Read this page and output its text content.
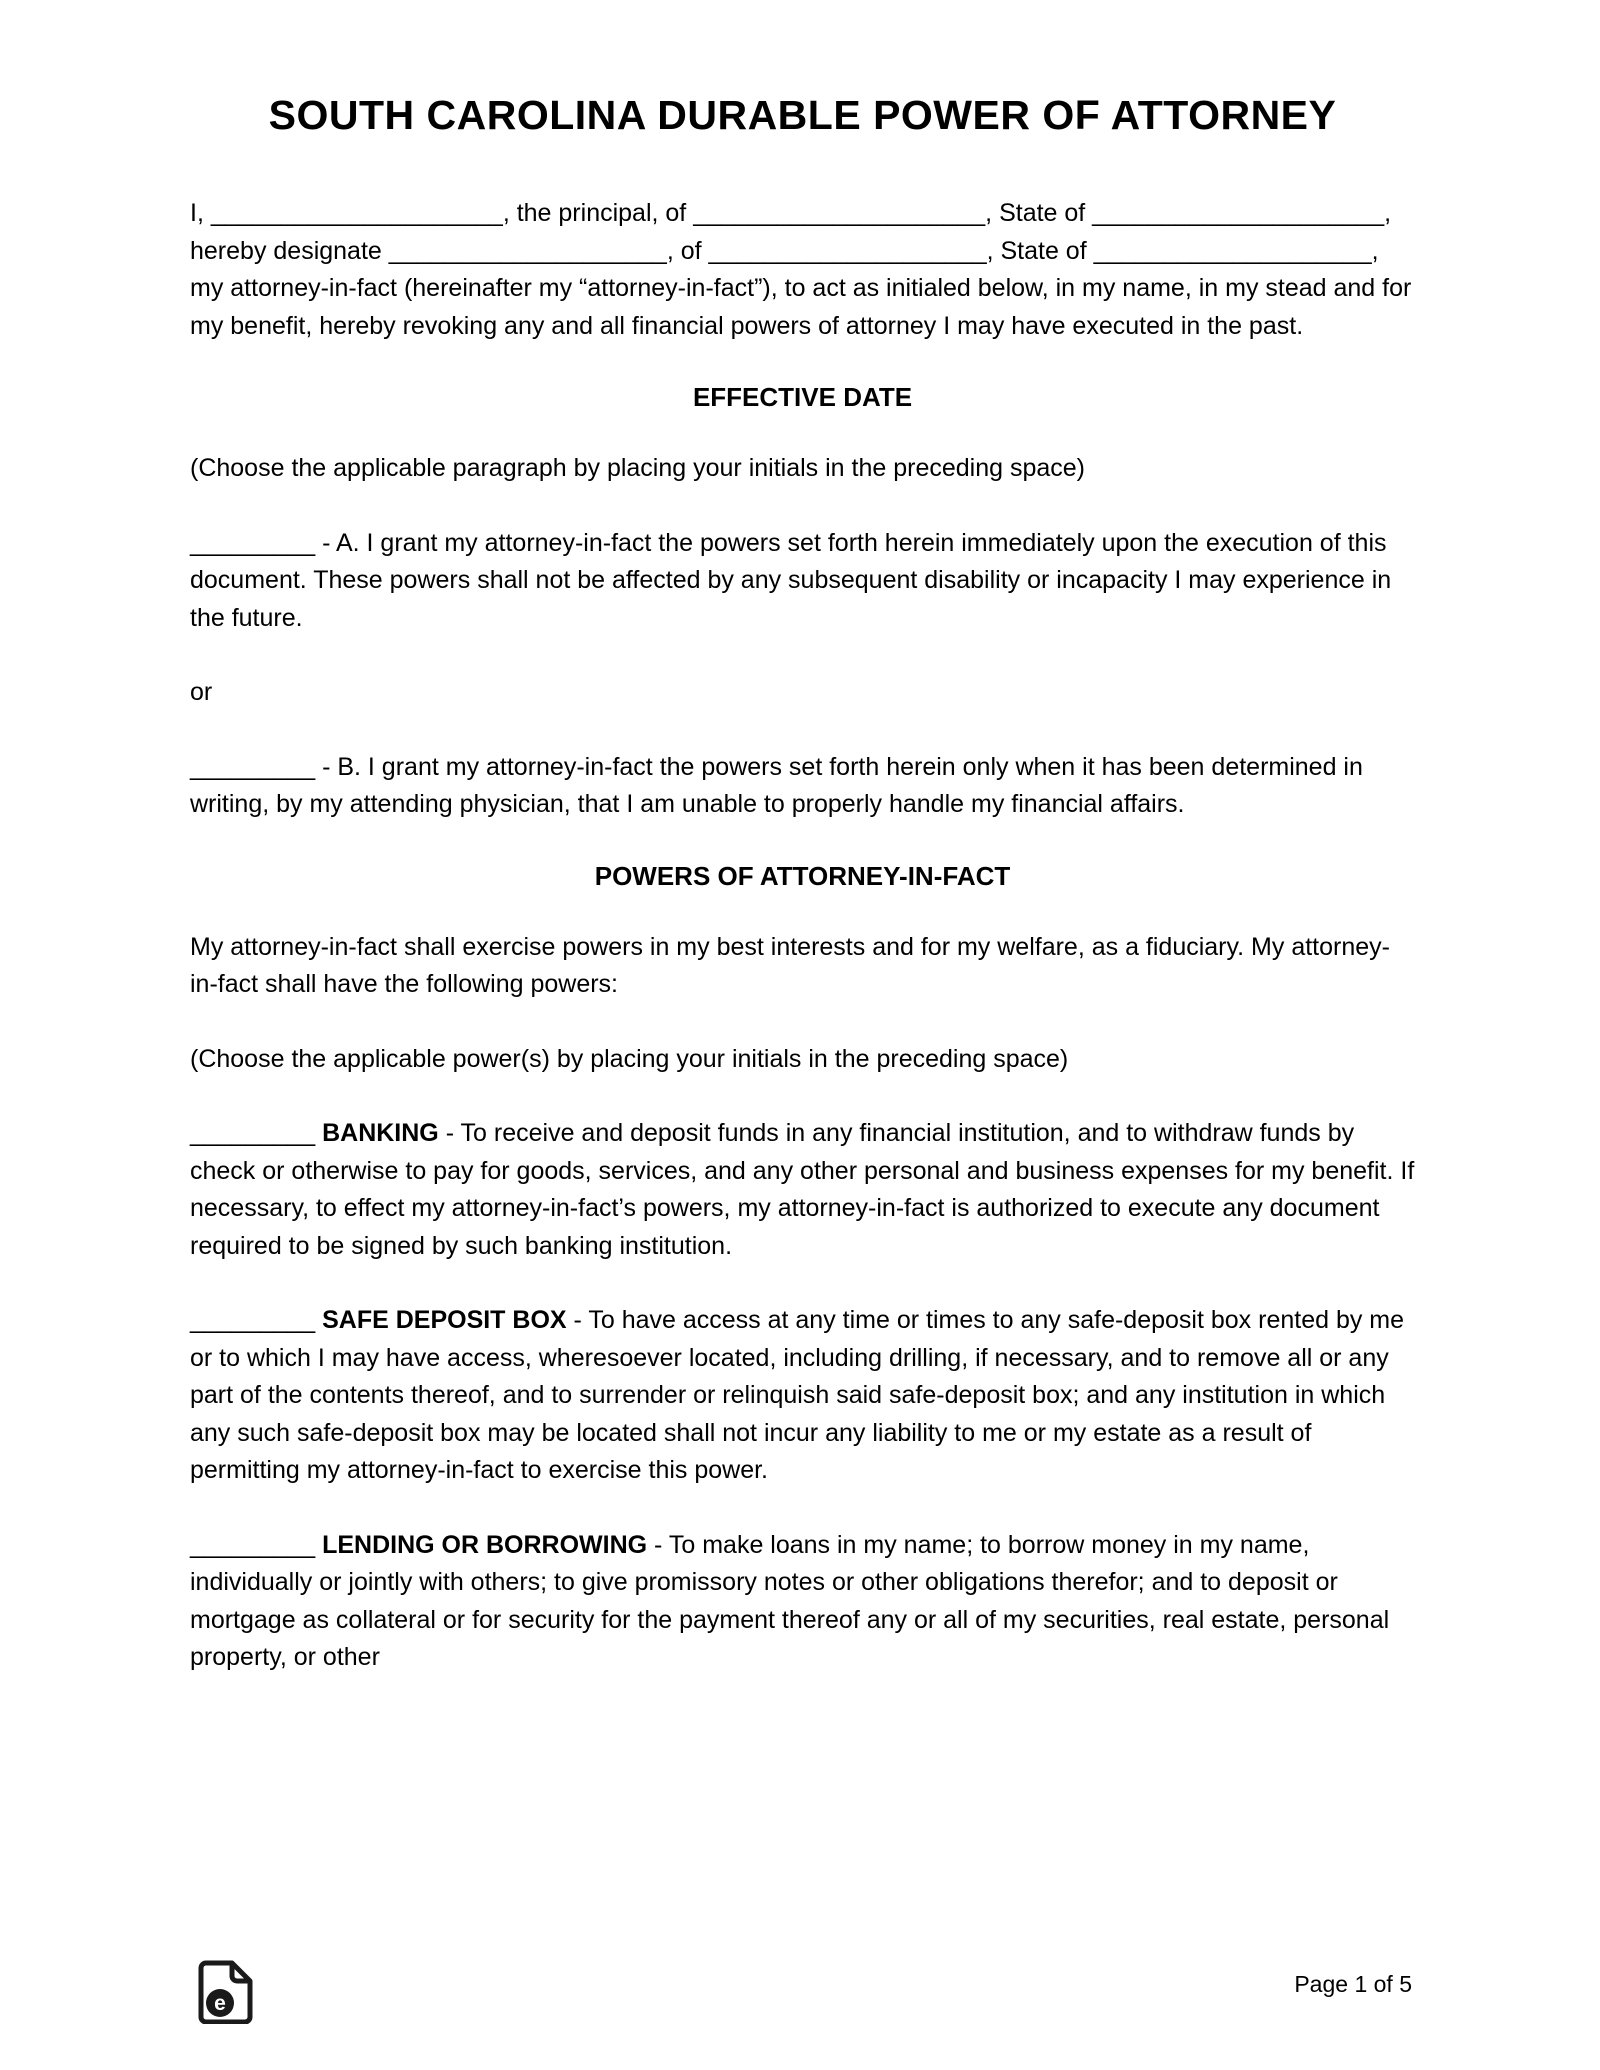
SOUTH CAROLINA DURABLE POWER OF ATTORNEY

I, _____________________, the principal, of _____________________, State of _____________________, hereby designate ____________________, of ____________________, State of ____________________, my attorney-in-fact (hereinafter my “attorney-in-fact”), to act as initialed below, in my name, in my stead and for my benefit, hereby revoking any and all financial powers of attorney I may have executed in the past.

EFFECTIVE DATE

(Choose the applicable paragraph by placing your initials in the preceding space)

_________ - A. I grant my attorney-in-fact the powers set forth herein immediately upon the execution of this document. These powers shall not be affected by any subsequent disability or incapacity I may experience in the future.

or

_________ - B. I grant my attorney-in-fact the powers set forth herein only when it has been determined in writing, by my attending physician, that I am unable to properly handle my financial affairs.

POWERS OF ATTORNEY-IN-FACT

My attorney-in-fact shall exercise powers in my best interests and for my welfare, as a fiduciary. My attorney-in-fact shall have the following powers:

(Choose the applicable power(s) by placing your initials in the preceding space)

_________ BANKING - To receive and deposit funds in any financial institution, and to withdraw funds by check or otherwise to pay for goods, services, and any other personal and business expenses for my benefit. If necessary, to effect my attorney-in-fact’s powers, my attorney-in-fact is authorized to execute any document required to be signed by such banking institution.

_________ SAFE DEPOSIT BOX - To have access at any time or times to any safe-deposit box rented by me or to which I may have access, wheresoever located, including drilling, if necessary, and to remove all or any part of the contents thereof, and to surrender or relinquish said safe-deposit box; and any institution in which any such safe-deposit box may be located shall not incur any liability to me or my estate as a result of permitting my attorney-in-fact to exercise this power.

_________ LENDING OR BORROWING - To make loans in my name; to borrow money in my name, individually or jointly with others; to give promissory notes or other obligations therefor; and to deposit or mortgage as collateral or for security for the payment thereof any or all of my securities, real estate, personal property, or other

e
Page 1 of 5
